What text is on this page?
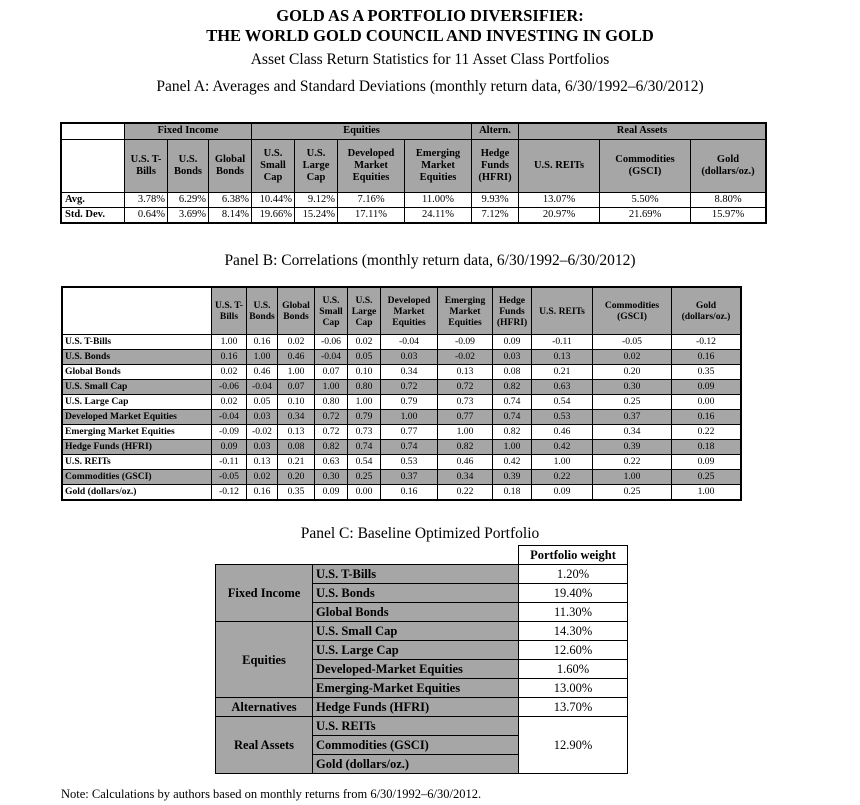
GOLD AS A PORTFOLIO DIVERSIFIER:
THE WORLD GOLD COUNCIL AND INVESTING IN GOLD
Asset Class Return Statistics for 11 Asset Class Portfolios
Panel A: Averages and Standard Deviations (monthly return data, 6/30/1992–6/30/2012)
	Fixed Income			Equities				Altern.	Real Assets		
	U.S. T-Bills	U.S. Bonds	Global Bonds	U.S. Small Cap	U.S. Large Cap	Developed Market Equities	Emerging Market Equities	Hedge Funds (HFRI)	U.S. REITs	Commodities (GSCI)	Gold (dollars/oz.)
Avg.	3.78%	6.29%	6.38%	10.44%	9.12%	7.16%	11.00%	9.93%	13.07%	5.50%	8.80%
Std. Dev.	0.64%	3.69%	8.14%	19.66%	15.24%	17.11%	24.11%	7.12%	20.97%	21.69%	15.97%
Panel B: Correlations (monthly return data, 6/30/1992–6/30/2012)
	U.S. T-Bills	U.S. Bonds	Global Bonds	U.S. Small Cap	U.S. Large Cap	Developed Market Equities	Emerging Market Equities	Hedge Funds (HFRI)	U.S. REITs	Commodities (GSCI)	Gold (dollars/oz.)
U.S. T-Bills	1.00	0.16	0.02	-0.06	0.02	-0.04	-0.09	0.09	-0.11	-0.05	-0.12
U.S. Bonds	0.16	1.00	0.46	-0.04	0.05	0.03	-0.02	0.03	0.13	0.02	0.16
Global Bonds	0.02	0.46	1.00	0.07	0.10	0.34	0.13	0.08	0.21	0.20	0.35
U.S. Small Cap	-0.06	-0.04	0.07	1.00	0.80	0.72	0.72	0.82	0.63	0.30	0.09
U.S. Large Cap	0.02	0.05	0.10	0.80	1.00	0.79	0.73	0.74	0.54	0.25	0.00
Developed Market Equities	-0.04	0.03	0.34	0.72	0.79	1.00	0.77	0.74	0.53	0.37	0.16
Emerging Market Equities	-0.09	-0.02	0.13	0.72	0.73	0.77	1.00	0.82	0.46	0.34	0.22
Hedge Funds (HFRI)	0.09	0.03	0.08	0.82	0.74	0.74	0.82	1.00	0.42	0.39	0.18
U.S. REITs	-0.11	0.13	0.21	0.63	0.54	0.53	0.46	0.42	1.00	0.22	0.09
Commodities (GSCI)	-0.05	0.02	0.20	0.30	0.25	0.37	0.34	0.39	0.22	1.00	0.25
Gold (dollars/oz.)	-0.12	0.16	0.35	0.09	0.00	0.16	0.22	0.18	0.09	0.25	1.00
Panel C: Baseline Optimized Portfolio
		Portfolio weight
Fixed Income	U.S. T-Bills	1.20%
	U.S. Bonds	19.40%
	Global Bonds	11.30%
Equities	U.S. Small Cap	14.30%
	U.S. Large Cap	12.60%
	Developed-Market Equities	1.60%
	Emerging-Market Equities	13.00%
Alternatives	Hedge Funds (HFRI)	13.70%
Real Assets	U.S. REITs	12.90%
	Commodities (GSCI)	
	Gold (dollars/oz.)	
Note: Calculations by authors based on monthly returns from 6/30/1992–6/30/2012.
